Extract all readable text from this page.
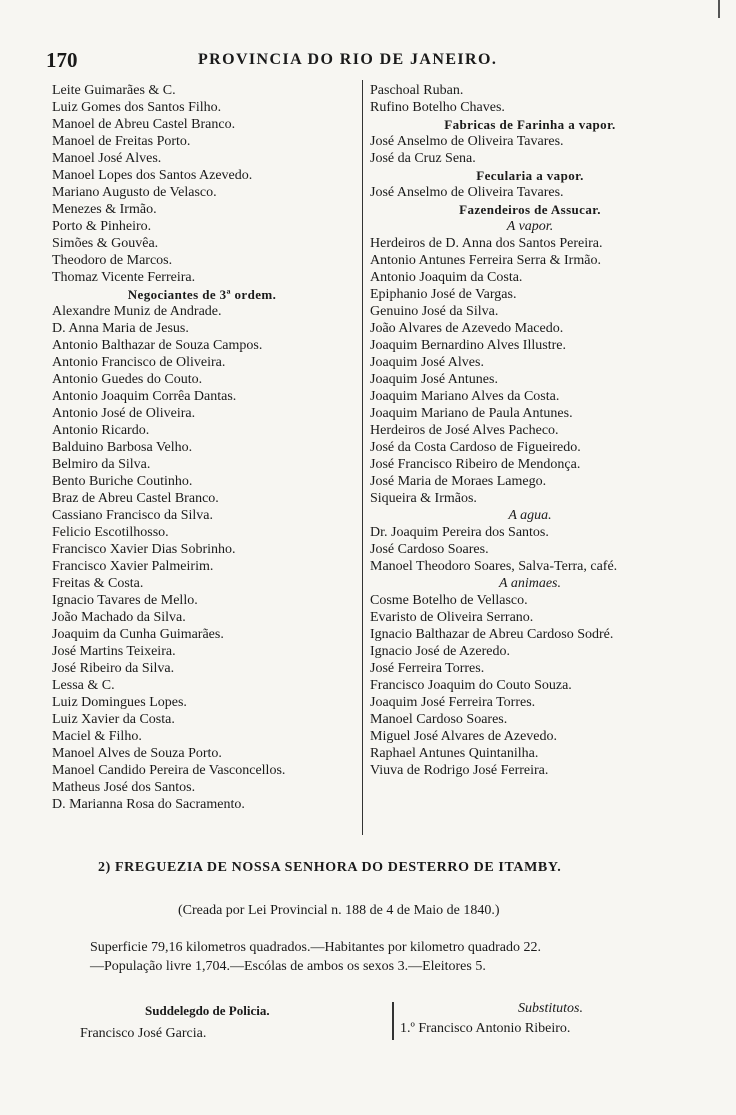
170	PROVINCIA DO RIO DE JANEIRO.
Leite Guimarães & C.
Luiz Gomes dos Santos Filho.
Manoel de Abreu Castel Branco.
Manoel de Freitas Porto.
Manoel José Alves.
Manoel Lopes dos Santos Azevedo.
Mariano Augusto de Velasco.
Menezes & Irmão.
Porto & Pinheiro.
Simões & Gouvêa.
Theodoro de Marcos.
Thomaz Vicente Ferreira.
Negociantes de 3ª ordem.
Alexandre Muniz de Andrade.
D. Anna Maria de Jesus.
Antonio Balthazar de Souza Campos.
Antonio Francisco de Oliveira.
Antonio Guedes do Couto.
Antonio Joaquim Corrêa Dantas.
Antonio José de Oliveira.
Antonio Ricardo.
Balduino Barbosa Velho.
Belmiro da Silva.
Bento Buriche Coutinho.
Braz de Abreu Castel Branco.
Cassiano Francisco da Silva.
Felicio Escotilhosso.
Francisco Xavier Dias Sobrinho.
Francisco Xavier Palmeirim.
Freitas & Costa.
Ignacio Tavares de Mello.
João Machado da Silva.
Joaquim da Cunha Guimarães.
José Martins Teixeira.
José Ribeiro da Silva.
Lessa & C.
Luiz Domingues Lopes.
Luiz Xavier da Costa.
Maciel & Filho.
Manoel Alves de Souza Porto.
Manoel Candido Pereira de Vasconcellos.
Matheus José dos Santos.
D. Marianna Rosa do Sacramento.
Paschoal Ruban.
Rufino Botelho Chaves.
Fabricas de Farinha a vapor.
José Anselmo de Oliveira Tavares.
José da Cruz Sena.
Fecularia a vapor.
José Anselmo de Oliveira Tavares.
Fazendeiros de Assucar.
A vapor.
Herdeiros de D. Anna dos Santos Pereira.
Antonio Antunes Ferreira Serra & Irmão.
Antonio Joaquim da Costa.
Epiphanio José de Vargas.
Genuino José da Silva.
João Alvares de Azevedo Macedo.
Joaquim Bernardino Alves Illustre.
Joaquim José Alves.
Joaquim José Antunes.
Joaquim Mariano Alves da Costa.
Joaquim Mariano de Paula Antunes.
Herdeiros de José Alves Pacheco.
José da Costa Cardoso de Figueiredo.
José Francisco Ribeiro de Mendonça.
José Maria de Moraes Lamego.
Siqueira & Irmãos.
A agua.
Dr. Joaquim Pereira dos Santos.
José Cardoso Soares.
Manoel Theodoro Soares, Salva-Terra, café.
A animaes.
Cosme Botelho de Vellasco.
Evaristo de Oliveira Serrano.
Ignacio Balthazar de Abreu Cardoso Sodré.
Ignacio José de Azeredo.
José Ferreira Torres.
Francisco Joaquim do Couto Souza.
Joaquim José Ferreira Torres.
Manoel Cardoso Soares.
Miguel José Alvares de Azevedo.
Raphael Antunes Quintanilha.
Viuva de Rodrigo José Ferreira.
2) FREGUEZIA DE NOSSA SENHORA DO DESTERRO DE ITAMBY.
(Creada por Lei Provincial n. 188 de 4 de Maio de 1840.)
Superficie 79,16 kilometros quadrados.—Habitantes por kilometro quadrado 22.
—População livre 1,704.—Escólas de ambos os sexos 3.—Eleitores 5.
Suddelegdo de Policia.
Francisco José Garcia.
Substitutos.
1.º Francisco Antonio Ribeiro.
